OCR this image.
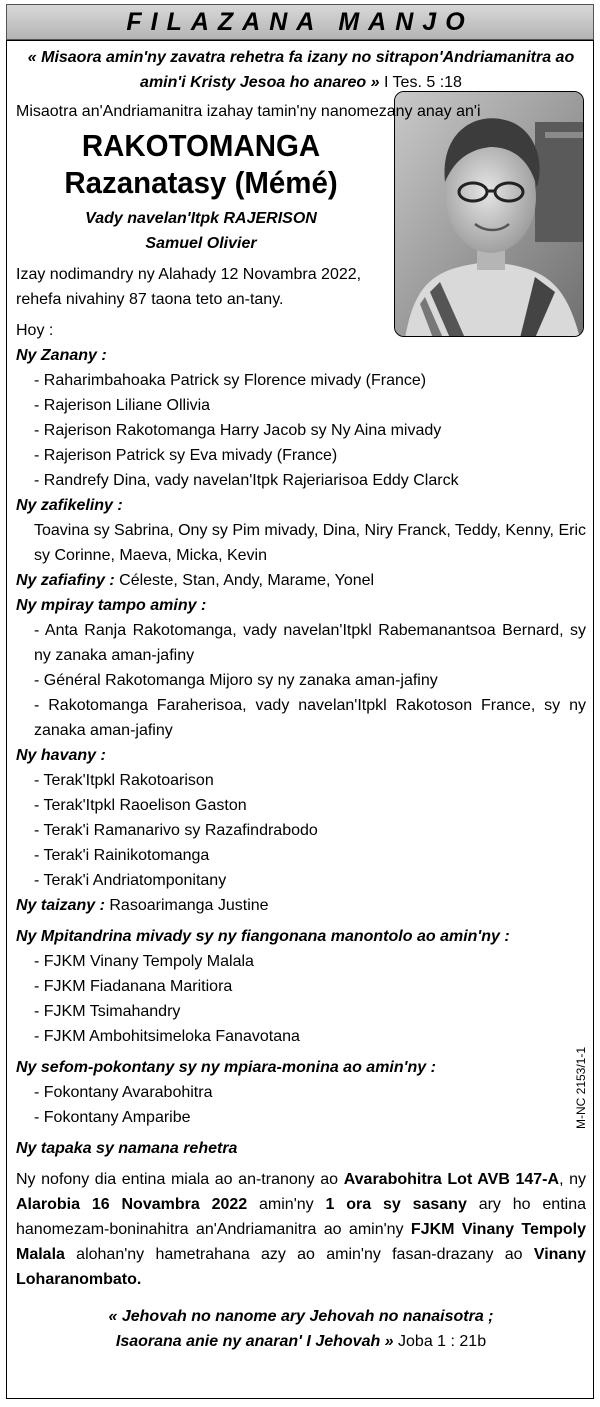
FILAZANA MANJO
M-NC 2153/1-1
« Misaora amin'ny zavatra rehetra fa izany no sitrapon'Andriamanitra ao amin'i Kristy Jesoa ho anareo » I Tes. 5 :18
Misaotra an'Andriamanitra izahay tamin'ny nanomezany anay an'i
RAKOTOMANGA
Razanatasy (Mémé)
Vady navelan'Itpk RAJERISON
Samuel Olivier
Izay nodimandry ny Alahady 12 Novambra 2022,
rehefa nivahiny 87 taona teto an-tany.
Hoy :
Ny Zanany :
- Raharimbahoaka Patrick sy Florence mivady (France)
- Rajerison Liliane Ollivia
- Rajerison Rakotomanga Harry Jacob sy Ny Aina mivady
- Rajerison Patrick sy Eva mivady (France)
- Randrefy Dina, vady navelan'Itpk Rajeriarisoa Eddy Clarck
Ny zafikeliny :
Toavina sy Sabrina, Ony sy Pim mivady, Dina, Niry Franck, Teddy, Kenny, Eric sy Corinne, Maeva, Micka, Kevin
Ny zafiafiny : Céleste, Stan, Andy, Marame, Yonel
Ny mpiray tampo aminy :
- Anta Ranja Rakotomanga, vady navelan'Itpkl Rabemanantsoa Bernard, sy ny zanaka aman-jafiny
- Général Rakotomanga Mijoro sy ny zanaka aman-jafiny
- Rakotomanga Faraherisoa, vady navelan'Itpkl Rakotoson France, sy ny zanaka aman-jafiny
Ny havany :
- Terak'Itpkl Rakotoarison
- Terak'Itpkl Raoelison Gaston
- Terak'i Ramanarivo sy Razafindrabodo
- Terak'i Rainikotomanga
- Terak'i Andriatomponitany
Ny taizany : Rasoarimanga Justine
Ny Mpitandrina mivady sy ny fiangonana manontolo ao amin'ny :
- FJKM Vinany Tempoly Malala
- FJKM Fiadanana Maritiora
- FJKM Tsimahandry
- FJKM Ambohitsimeloka Fanavotana
Ny sefom-pokontany sy ny mpiara-monina ao amin'ny :
- Fokontany Avarabohitra
- Fokontany Amparibe
Ny tapaka sy namana rehetra
Ny nofony dia entina miala ao an-tranony ao Avarabohitra Lot AVB 147-A, ny Alarobia 16 Novambra 2022 amin'ny 1 ora sy sasany ary ho entina hanomezam-boninahitra an'Andriamanitra ao amin'ny FJKM Vinany Tempoly Malala alohan'ny hametrahana azy ao amin'ny fasan-drazany ao Vinany Loharanombato.
« Jehovah no nanome ary Jehovah no nanaisotra ;
Isaorana anie ny anaran' I Jehovah » Joba 1 : 21b
